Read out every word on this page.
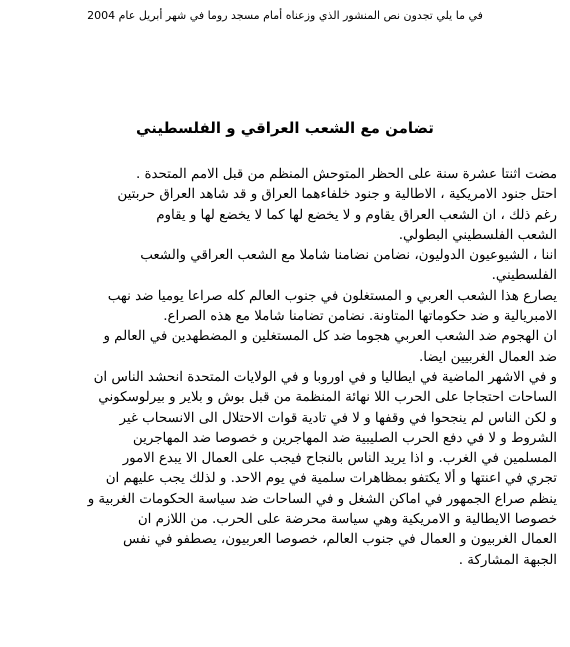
في ما يلي تجدون نص المنشور الذي وزعناه أمام مسجد روما في شهر أبريل عام 2004
تضامن مع الشعب العراقي و الفلسطيني
مضت اثنتا عشرة سنة على الحظر المتوحش المنظم من قبل الامم المتحدة .
احتل جنود الامريكية ، الاطالية و جنود خلفاءهما العراق و قد شاهد العراق حربتين
رغم ذلك ، ان الشعب العراق يقاوم و لا يخضع لها كما لا يخضع لها و يقاوم
الشعب الفلسطيني البطولي.
اننا ، الشيوعيون الدوليون، نضامن نضامنا شاملا مع الشعب العراقي والشعب
الفلسطيني.
يصارع هذا الشعب العربي و المستغلون في جنوب العالم كله صراعا يوميا ضد نهب
الامبريالية و ضد حكوماتها المتاونة. نضامن تضامنا شاملا مع هذه الصراع.
ان الهجوم ضد الشعب العربي هجوما ضد كل المستغلين و المضطهدين في العالم و
ضد العمال الغربيين ايضا.
و في الاشهر الماضية في ايطاليا و في اوروبا و في الولايات المتحدة انحشد الناس ان
الساحات احتجاجا على الحرب اللا نهائة المنظمة من قبل بوش و بلاير و بيرلوسكوني
و لكن الناس لم ينجحوا في وقفها و لا في تادية قوات الاحتلال الى الانسحاب غير
الشروط و لا في دفع الحرب الصليبية ضد المهاجرين و خصوصا ضد المهاجرين
المسلمين في الغرب. و اذا يريد الناس بالنجاح فيجب على العمال الا يبدع الامور
تجري في اعنتها و ألا يكتفو بمظاهرات سلمية في يوم الاحد. و لذلك يجب عليهم ان
ينظم صراع الجمهور في اماكن الشغل و في الساحات ضد سياسة الحكومات الغربية و
خصوصا الايطالية و الامريكية وهي سياسة محرضة على الحرب. من اللازم ان
العمال الغربيون و العمال في جنوب العالم، خصوصا العربيون، يصطفو في نفس
الجبهة المشاركة .
